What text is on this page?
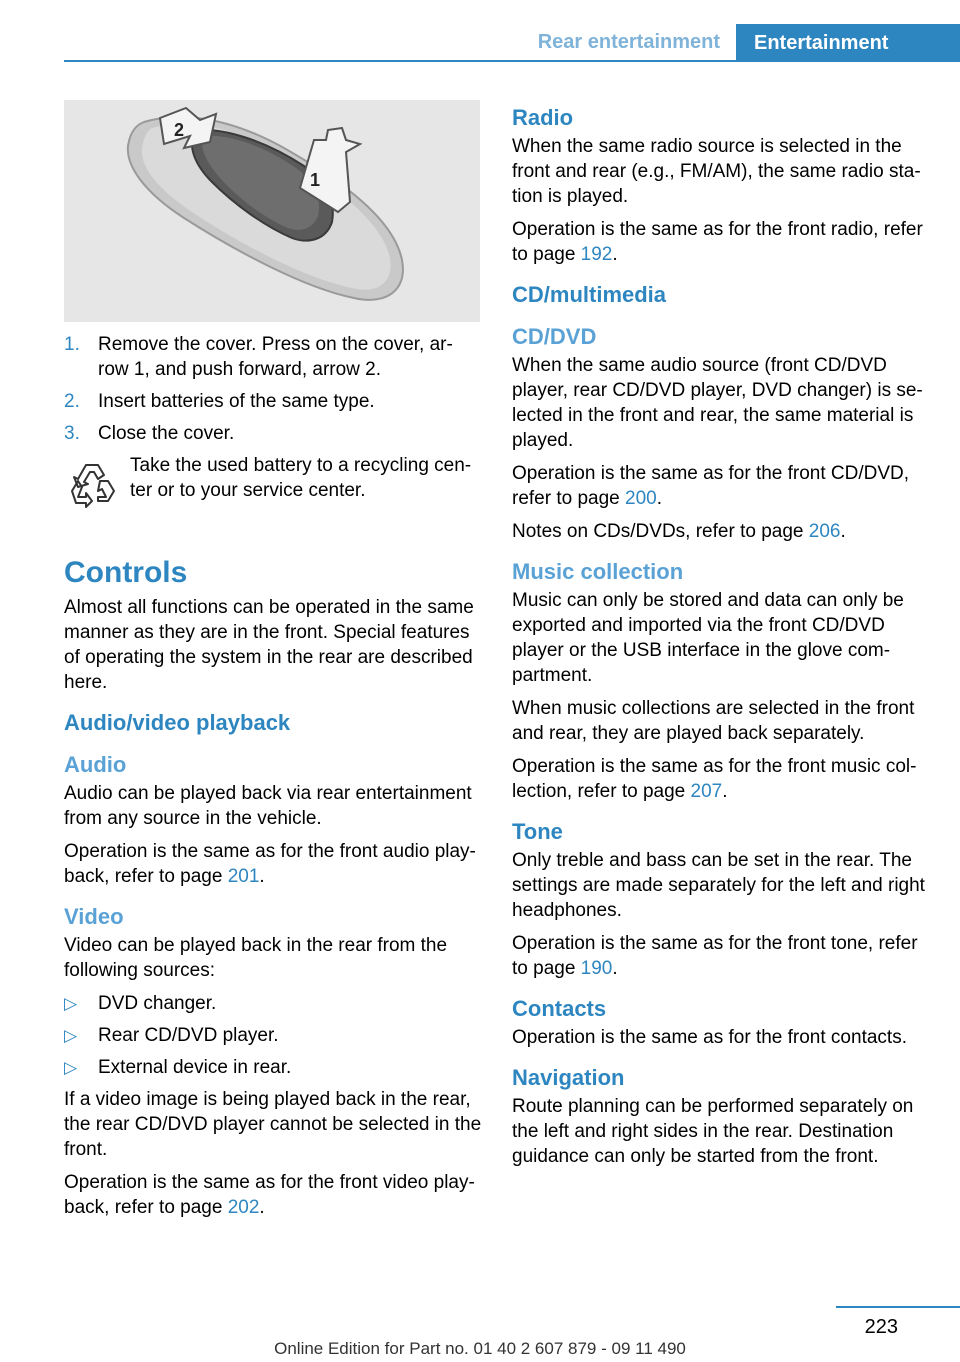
Rear entertainment	Entertainment
2
1
1. Remove the cover. Press on the cover, ar‐row 1, and push forward, arrow 2.
2. Insert batteries of the same type.
3. Close the cover.
Take the used battery to a recycling cen‐ter or to your service center.
Controls

Almost all functions can be operated in the same manner as they are in the front. Special features of operating the system in the rear are described here.

Audio/video playback
Audio

Audio can be played back via rear entertainment from any source in the vehicle.

Operation is the same as for the front audio play‐back, refer to page 201.

Video

Video can be played back in the rear from the following sources:

▷ DVD changer.
▷ Rear CD/DVD player.
▷ External device in rear.

If a video image is being played back in the rear, the rear CD/DVD player cannot be selected in the front.

Operation is the same as for the front video play‐back, refer to page 202.

Radio

When the same radio source is selected in the front and rear (e.g., FM/AM), the same radio sta‐tion is played.

Operation is the same as for the front radio, refer to page 192.

CD/multimedia
CD/DVD

When the same audio source (front CD/DVD player, rear CD/DVD player, DVD changer) is se‐lected in the front and rear, the same material is played.

Operation is the same as for the front CD/DVD, refer to page 200.

Notes on CDs/DVDs, refer to page 206.

Music collection

Music can only be stored and data can only be exported and imported via the front CD/DVD player or the USB interface in the glove com‐partment.

When music collections are selected in the front and rear, they are played back separately.

Operation is the same as for the front music col‐lection, refer to page 207.

Tone

Only treble and bass can be set in the rear. The settings are made separately for the left and right headphones.

Operation is the same as for the front tone, refer to page 190.

Contacts

Operation is the same as for the front contacts.

Navigation

Route planning can be performed separately on the left and right sides in the rear. Destination guidance can only be started from the front.

223
Online Edition for Part no. 01 40 2 607 879 - 09 11 490
